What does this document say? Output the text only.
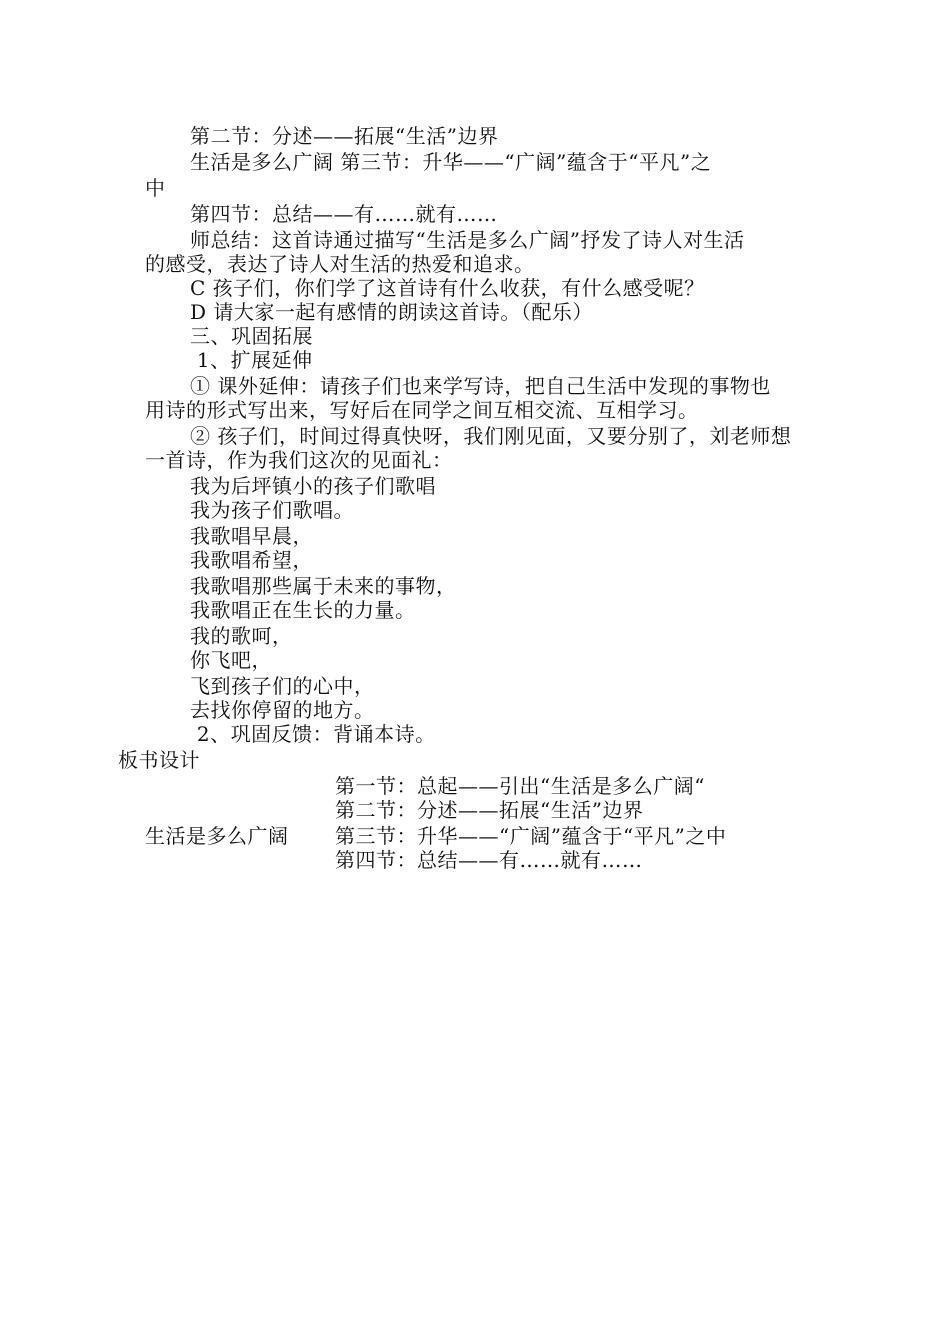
第二节：分述——拓展“生活”边界
生活是多么广阔 第三节：升华——“广阔”蕴含于“平凡”之
中
第四节：总结——有……就有……
师总结：这首诗通过描写“生活是多么广阔”抒发了诗人对生活
的感受，表达了诗人对生活的热爱和追求。
C 孩子们，你们学了这首诗有什么收获，有什么感受呢？
D 请大家一起有感情的朗读这首诗。（配乐）
三、巩固拓展
1、扩展延伸
① 课外延伸：请孩子们也来学写诗，把自己生活中发现的事物也
用诗的形式写出来，写好后在同学之间互相交流、互相学习。
② 孩子们，时间过得真快呀，我们刚见面，又要分别了，刘老师想
一首诗，作为我们这次的见面礼：
我为后坪镇小的孩子们歌唱
我为孩子们歌唱。
我歌唱早晨，
我歌唱希望，
我歌唱那些属于未来的事物，
我歌唱正在生长的力量。
我的歌呵，
你飞吧，
飞到孩子们的心中，
去找你停留的地方。
2、巩固反馈：背诵本诗。
板书设计
第一节：总起——引出“生活是多么广阔“
第二节：分述——拓展“生活”边界
生活是多么广阔 第三节：升华——“广阔”蕴含于“平凡”之中
第四节：总结——有……就有……
